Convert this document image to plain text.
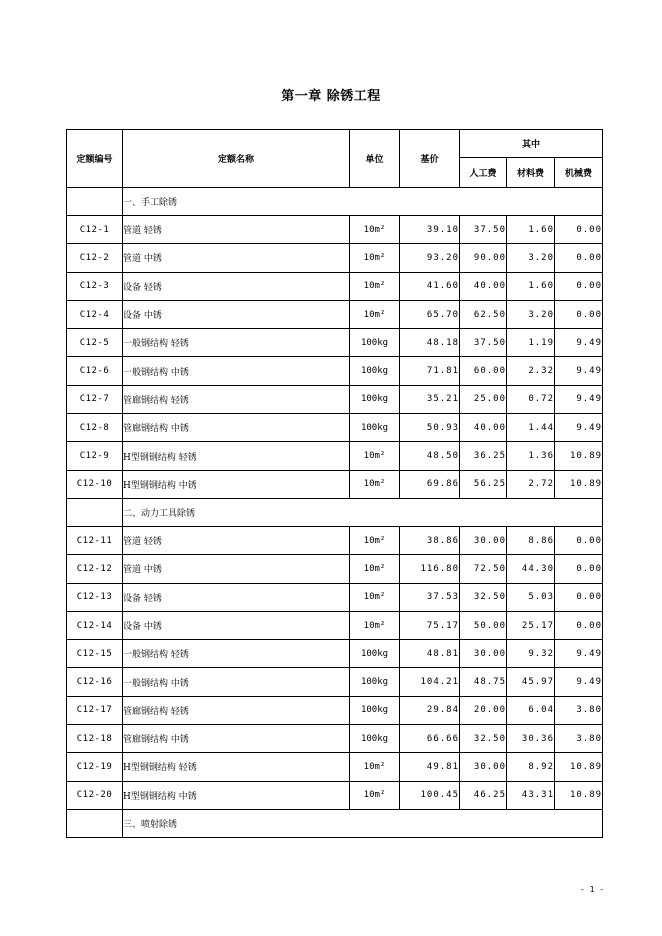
第一章 除锈工程
定额编号	定额名称	单位	基价	其中		
				人工费	材料费	机械费
	一、手工除锈					
C12-1	管道 轻锈	10m²	39.10	37.50	1.60	0.00
C12-2	管道 中锈	10m²	93.20	90.00	3.20	0.00
C12-3	设备 轻锈	10m²	41.60	40.00	1.60	0.00
C12-4	设备 中锈	10m²	65.70	62.50	3.20	0.00
C12-5	一般钢结构 轻锈	100kg	48.18	37.50	1.19	9.49
C12-6	一般钢结构 中锈	100kg	71.81	60.00	2.32	9.49
C12-7	管廊钢结构 轻锈	100kg	35.21	25.00	0.72	9.49
C12-8	管廊钢结构 中锈	100kg	50.93	40.00	1.44	9.49
C12-9	H型钢钢结构 轻锈	10m²	48.50	36.25	1.36	10.89
C12-10	H型钢钢结构 中锈	10m²	69.86	56.25	2.72	10.89
	二、动力工具除锈					
C12-11	管道 轻锈	10m²	38.86	30.00	8.86	0.00
C12-12	管道 中锈	10m²	116.80	72.50	44.30	0.00
C12-13	设备 轻锈	10m²	37.53	32.50	5.03	0.00
C12-14	设备 中锈	10m²	75.17	50.00	25.17	0.00
C12-15	一般钢结构 轻锈	100kg	48.81	30.00	9.32	9.49
C12-16	一般钢结构 中锈	100kg	104.21	48.75	45.97	9.49
C12-17	管廊钢结构 轻锈	100kg	29.84	20.00	6.04	3.80
C12-18	管廊钢结构 中锈	100kg	66.66	32.50	30.36	3.80
C12-19	H型钢钢结构 轻锈	10m²	49.81	30.00	8.92	10.89
C12-20	H型钢钢结构 中锈	10m²	100.45	46.25	43.31	10.89
	三、喷射除锈					
- 1 -
